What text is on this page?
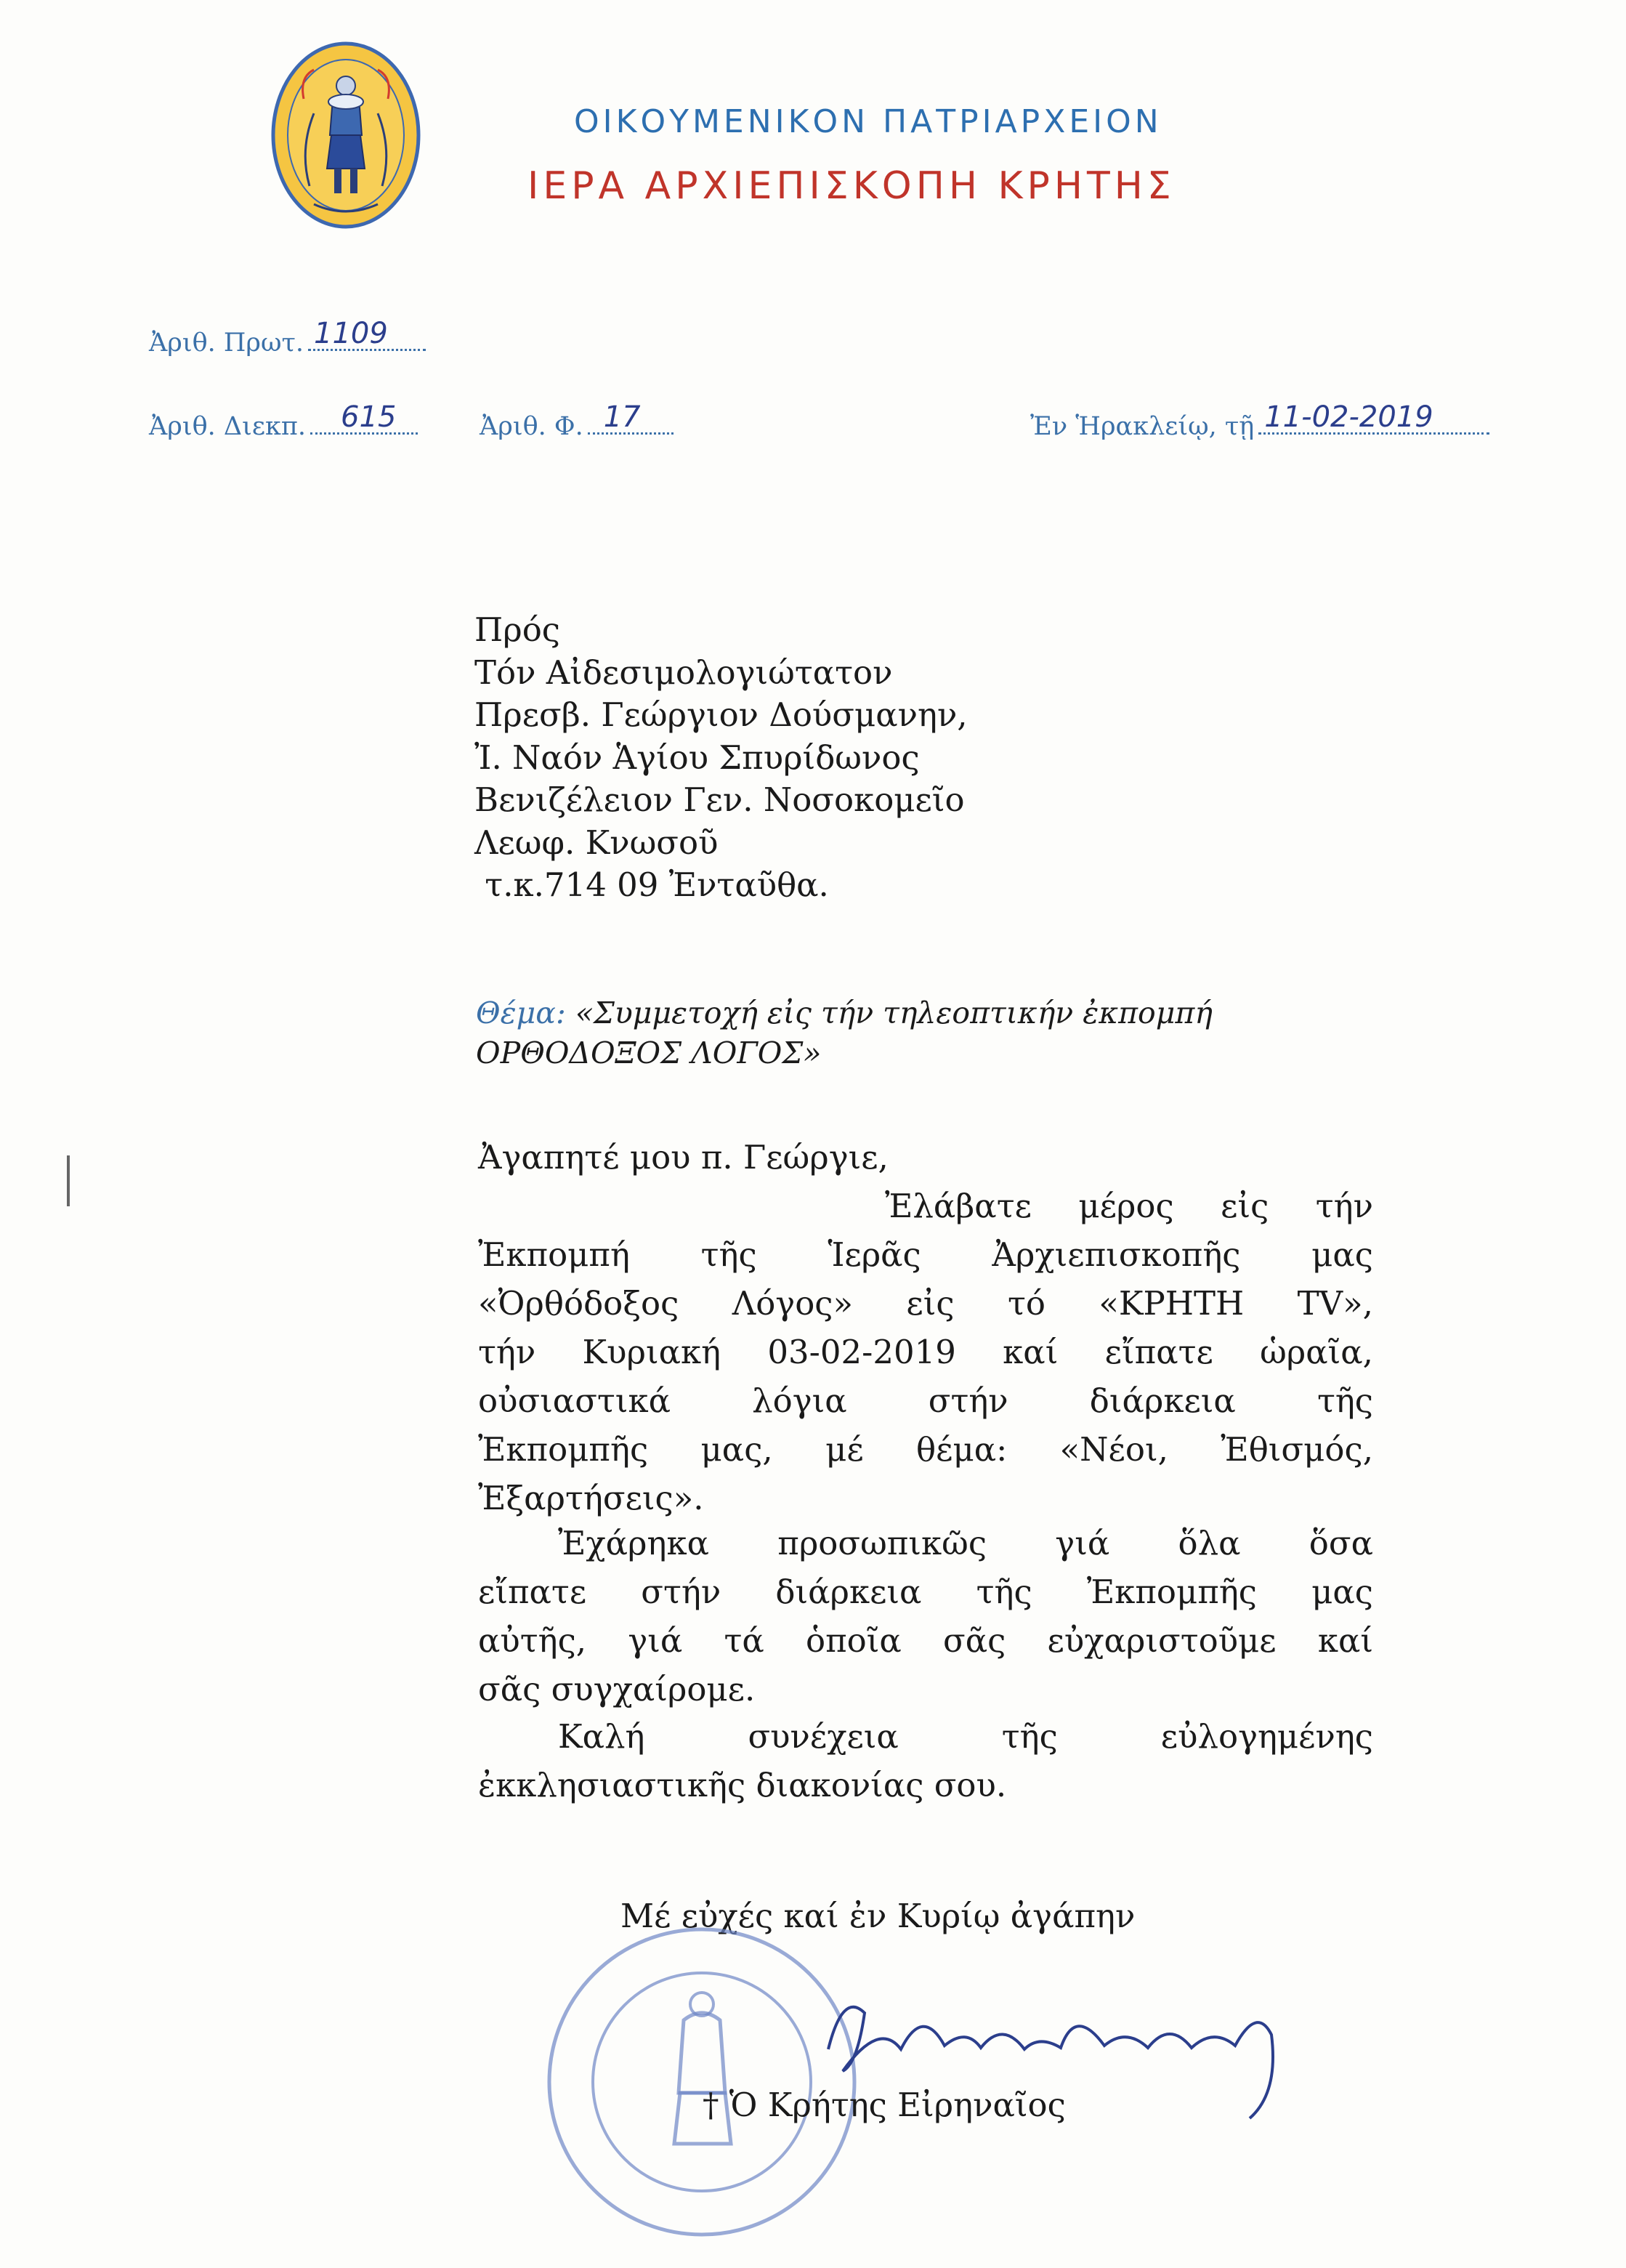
ΟΙΚΟΥΜΕΝΙΚΟΝ ΠΑΤΡΙΑΡΧΕΙΟΝ
ΙΕΡΑ ΑΡΧΙΕΠΙΣΚΟΠΗ ΚΡΗΤΗΣ
Ἀριθ. Πρωτ. 1109
Ἀριθ. Διεκπ. 615	Ἀριθ. Φ. 17	Ἐν Ἡρακλείῳ, τῇ 11-02-2019
Πρός
Τόν Αἰδεσιμολογιώτατον
Πρεσβ. Γεώργιον Δούσμανην,
Ἰ. Ναόν Ἁγίου Σπυρίδωνος
Βενιζέλειον Γεν. Νοσοκομεῖο
Λεωφ. Κνωσοῦ
τ.κ.714 09 Ἐνταῦθα.
Θέμα: «Συμμετοχή εἰς τήν τηλεοπτικήν ἐκπομπή
ΟΡΘΟΔΟΞΟΣ ΛΟΓΟΣ»
Ἀγαπητέ μου π. Γεώργιε,
Ἐλάβατε μέρος εἰς τήν
Ἐκπομπή τῆς Ἱερᾶς Ἀρχιεπισκοπῆς μας
«Ὀρθόδοξος Λόγος» εἰς τό «ΚΡΗΤΗ TV»,
τήν Κυριακή 03-02-2019 καί εἴπατε ὡραῖα,
οὐσιαστικά λόγια στήν διάρκεια τῆς
Ἐκπομπῆς μας, μέ θέμα: «Νέοι, Ἐθισμός,
Ἐξαρτήσεις».
Ἐχάρηκα προσωπικῶς γιά ὅλα ὅσα
εἴπατε στήν διάρκεια τῆς Ἐκπομπῆς μας
αὐτῆς, γιά τά ὁποῖα σᾶς εὐχαριστοῦμε καί
σᾶς συγχαίρομε.
Καλή συνέχεια τῆς εὐλογημένης
ἐκκλησιαστικῆς διακονίας σου.
Μέ εὐχές καί ἐν Κυρίῳ ἀγάπην
† Ὁ Κρήτης Εἰρηναῖος
